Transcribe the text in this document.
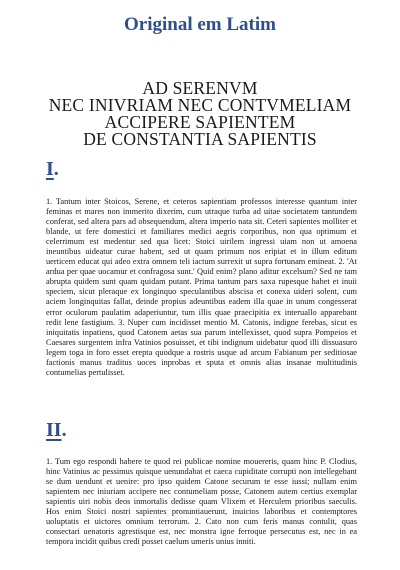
Original em Latim
AD SERENVM
NEC INIVRIAM NEC CONTVMELIAM
ACCIPERE SAPIENTEM
DE CONSTANTIA SAPIENTIS
I.

1. Tantum inter Stoicos, Serene, et ceteros sapientiam professos interesse quantum inter feminas et mares non immerito dixerim, cum utraque turba ad uitae societatem tantundem conferat, sed altera pars ad obsequendum, altera imperio nata sit. Ceteri sapientes molliter et blande, ut fere domestici et familiares medici aegris corporibus, non qua optimum et celerrimum est medentur sed qua licet: Stoici uirilem ingressi uiam non ut amoena ineuntibus uideatur curae habent, sed ut quam primum nos eripiat et in illum editum uerticem educat qui adeo extra omnem teli iactum surrexit ut supra fortunam emineat. 2. 'At ardua per quae uocamur et confragosa sunt.' Quid enim? plano aditur excelsum? Sed ne tam abrupta quidem sunt quam quidam putant. Prima tantum pars saxa rupesque habet et inuii speciem, sicut pleraque ex longinquo speculantibus abscisa et conexa uideri solent, cum aciem longinquitas fallat, deinde propius adeuntibus eadem illa quae in unum congesserat error oculorum paulatim adaperiuntur, tum illis quae praecipitia ex interuallo apparebant redit lene fastigium. 3. Nuper cum incidisset mentio M. Catonis, indigne ferebas, sicut es iniquitatis inpatiens, quod Catonem aetas sua parum intellexisset, quod supra Pompeios et Caesares surgentem infra Vatinios posuisset, et tibi indignum uidebatur quod illi dissuasuro legem toga in foro esset erepta quodque a rostris usque ad arcum Fabianum per seditiosae factionis manus traditus uoces inprobas et sputa et omnis alias insanae multitudinis contumelias pertulisset.

II.

1. Tum ego respondi habere te quod rei publicae nomine mouereris, quam hinc P. Clodius, hinc Vatinius ac pessimus quisque uenundabat et caeca cupiditate corrupti non intellegebant se dum uendunt et uenire: pro ipso quidem Catone securum te esse iussi; nullam enim sapientem nec iniuriam accipere nec contumeliam posse, Catonem autem certius exemplar sapientis uiri nobis deos inmortalis dedisse quam Vlixem et Herculem prioribus saeculis. Hos enim Stoici nostri sapientes pronuntiauerunt, inuictos laboribus et contemptores uoluptatis et uictores omnium terrorum. 2. Cato non cum feris manus contulit, quas consectari uenatoris agrestisque est, nec monstra igne ferroque persecutus est, nec in ea tempora incidit quibus credi posset caelum umeris unius inniti.
